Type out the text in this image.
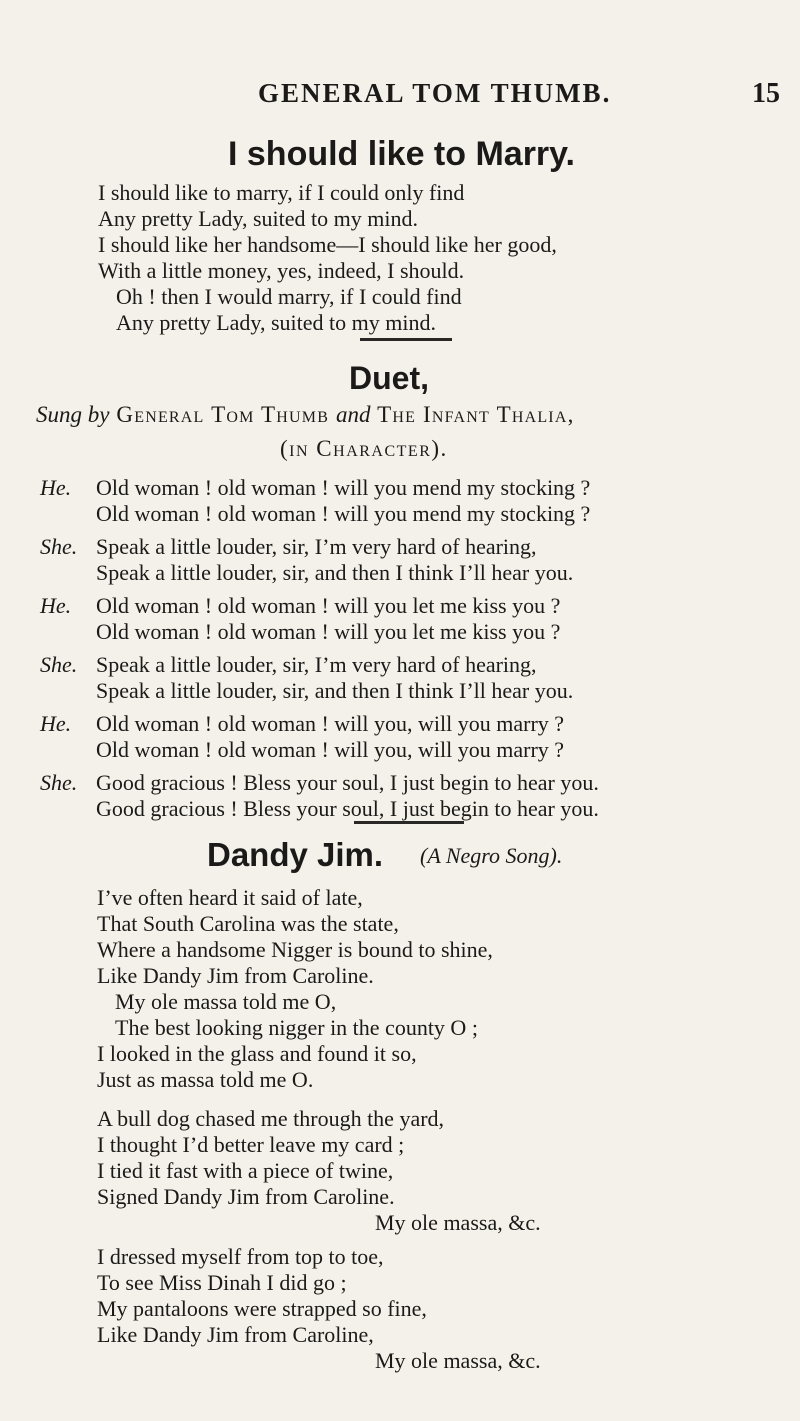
GENERAL TOM THUMB.	15
I should like to Marry.
I should like to marry, if I could only find
Any pretty Lady, suited to my mind.
I should like her handsome—I should like her good,
With a little money, yes, indeed, I should.
Oh ! then I would marry, if I could find
Any pretty Lady, suited to my mind.
Duet,
Sung by General Tom Thumb and The Infant Thalia,
(in Character).
He.	Old woman ! old woman ! will you mend my stocking ?
Old woman ! old woman ! will you mend my stocking ?
She. Speak a little louder, sir, I’m very hard of hearing,
Speak a little louder, sir, and then I think I’ll hear you.
He.	Old woman ! old woman ! will you let me kiss you ?
Old woman ! old woman ! will you let me kiss you ?
She. Speak a little louder, sir, I’m very hard of hearing,
Speak a little louder, sir, and then I think I’ll hear you.
He.	Old woman ! old woman ! will you, will you marry ?
Old woman ! old woman ! will you, will you marry ?
She. Good gracious ! Bless your soul, I just begin to hear you.
Good gracious ! Bless your soul, I just begin to hear you.
Dandy Jim. (A Negro Song).
I’ve often heard it said of late,
That South Carolina was the state,
Where a handsome Nigger is bound to shine,
Like Dandy Jim from Caroline.
My ole massa told me O,
The best looking nigger in the county O ;
I looked in the glass and found it so,
Just as massa told me O.
A bull dog chased me through the yard,
I thought I’d better leave my card ;
I tied it fast with a piece of twine,
Signed Dandy Jim from Caroline.
My ole massa, &c.
I dressed myself from top to toe,
To see Miss Dinah I did go ;
My pantaloons were strapped so fine,
Like Dandy Jim from Caroline,
My ole massa, &c.
